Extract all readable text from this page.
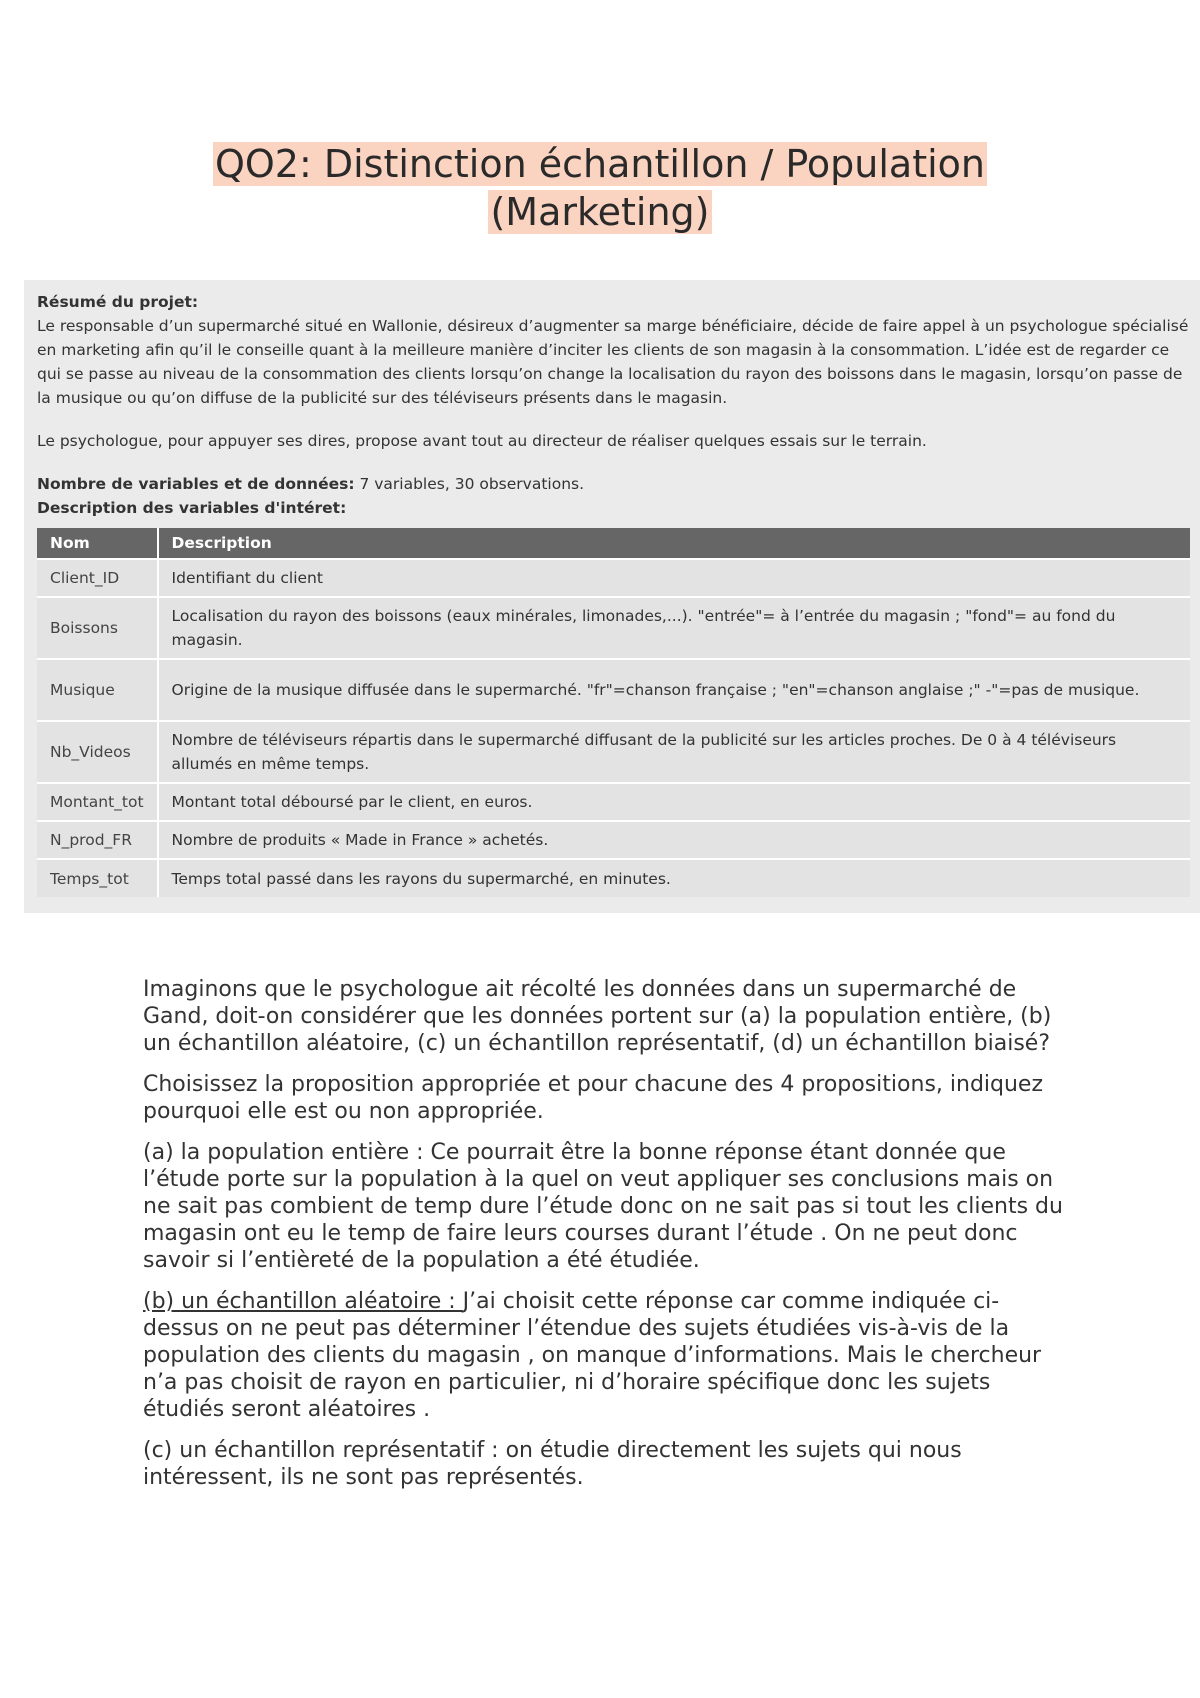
QO2: Distinction échantillon / Population
(Marketing)

Résumé du projet:

Le responsable d’un supermarché situé en Wallonie, désireux d’augmenter sa marge bénéficiaire, décide de faire appel à un psychologue spécialisé en marketing afin qu’il le conseille quant à la meilleure manière d’inciter les clients de son magasin à la consommation. L’idée est de regarder ce qui se passe au niveau de la consommation des clients lorsqu’on change la localisation du rayon des boissons dans le magasin, lorsqu’on passe de la musique ou qu’on diffuse de la publicité sur des téléviseurs présents dans le magasin.

Le psychologue, pour appuyer ses dires, propose avant tout au directeur de réaliser quelques essais sur le terrain.

Nombre de variables et de données: 7 variables, 30 observations.

Description des variables d'intéret:

Nom	Description
Client_ID	Identifiant du client
Boissons	Localisation du rayon des boissons (eaux minérales, limonades,...). "entrée"= à l’entrée du magasin ; "fond"= au fond du magasin.
Musique	Origine de la musique diffusée dans le supermarché. "fr"=chanson française ; "en"=chanson anglaise ;" -"=pas de musique.
Nb_Videos	Nombre de téléviseurs répartis dans le supermarché diffusant de la publicité sur les articles proches. De 0 à 4 téléviseurs allumés en même temps.
Montant_tot	Montant total déboursé par le client, en euros.
N_prod_FR	Nombre de produits « Made in France » achetés.
Temps_tot	Temps total passé dans les rayons du supermarché, en minutes.

Imaginons que le psychologue ait récolté les données dans un supermarché de Gand, doit-on considérer que les données portent sur (a) la population entière, (b) un échantillon aléatoire, (c) un échantillon représentatif, (d) un échantillon biaisé?

Choisissez la proposition appropriée et pour chacune des 4 propositions, indiquez pourquoi elle est ou non appropriée.

(a) la population entière : Ce pourrait être la bonne réponse étant donnée que l’étude porte sur la population à la quel on veut appliquer ses conclusions mais on ne sait pas combient de temp dure l’étude donc on ne sait pas si tout les clients du magasin ont eu le temp de faire leurs courses durant l’étude . On ne peut donc savoir si l’entièreté de la population a été étudiée.

(b) un échantillon aléatoire : J’ai choisit cette réponse car comme indiquée ci-dessus on ne peut pas déterminer l’étendue des sujets étudiées vis-à-vis de la population des clients du magasin , on manque d’informations. Mais le chercheur n’a pas choisit de rayon en particulier, ni d’horaire spécifique donc les sujets étudiés seront aléatoires .

(c) un échantillon représentatif : on étudie directement les sujets qui nous intéressent, ils ne sont pas représentés.
